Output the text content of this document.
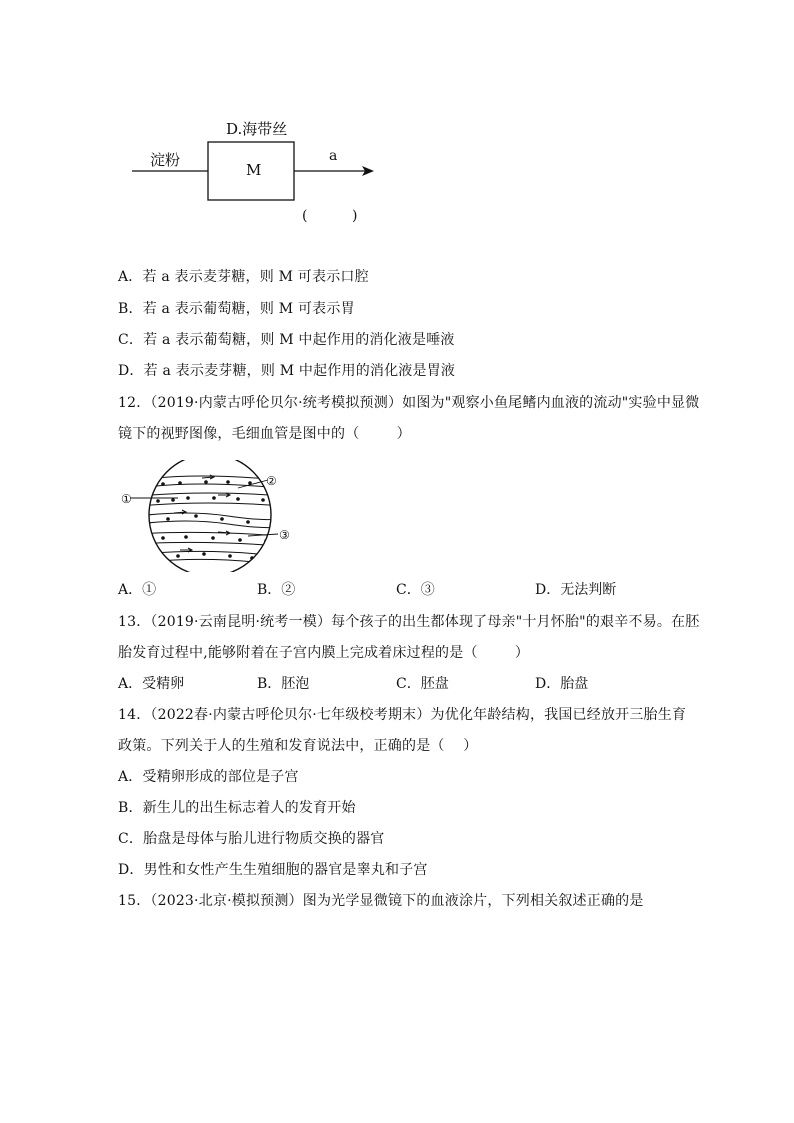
D.海带丝
淀粉
M
a
(          )
A．若 a 表示麦芽糖，则 M 可表示口腔
B．若 a 表示葡萄糖，则 M 可表示胃
C．若 a 表示葡萄糖，则 M 中起作用的消化液是唾液
D．若 a 表示麦芽糖，则 M 中起作用的消化液是胃液
12．（2019·内蒙古呼伦贝尔·统考模拟预测）如图为"观察小鱼尾鳍内血液的流动"实验中显微
镜下的视野图像，毛细血管是图中的（        ）
①
②
③
A．①	B．②	C．③	D．无法判断
13．（2019·云南昆明·统考一模）每个孩子的出生都体现了母亲"十月怀胎"的艰辛不易。在胚
胎发育过程中,能够附着在子宫内膜上完成着床过程的是（        ）
A．受精卵	B．胚泡	C．胚盘	D．胎盘
14．（2022春·内蒙古呼伦贝尔·七年级校考期末）为优化年龄结构，我国已经放开三胎生育
政策。下列关于人的生殖和发育说法中，正确的是（    ）
A．受精卵形成的部位是子宫
B．新生儿的出生标志着人的发育开始
C．胎盘是母体与胎儿进行物质交换的器官
D．男性和女性产生生殖细胞的器官是睾丸和子宫
15．（2023·北京·模拟预测）图为光学显微镜下的血液涂片，下列相关叙述正确的是
